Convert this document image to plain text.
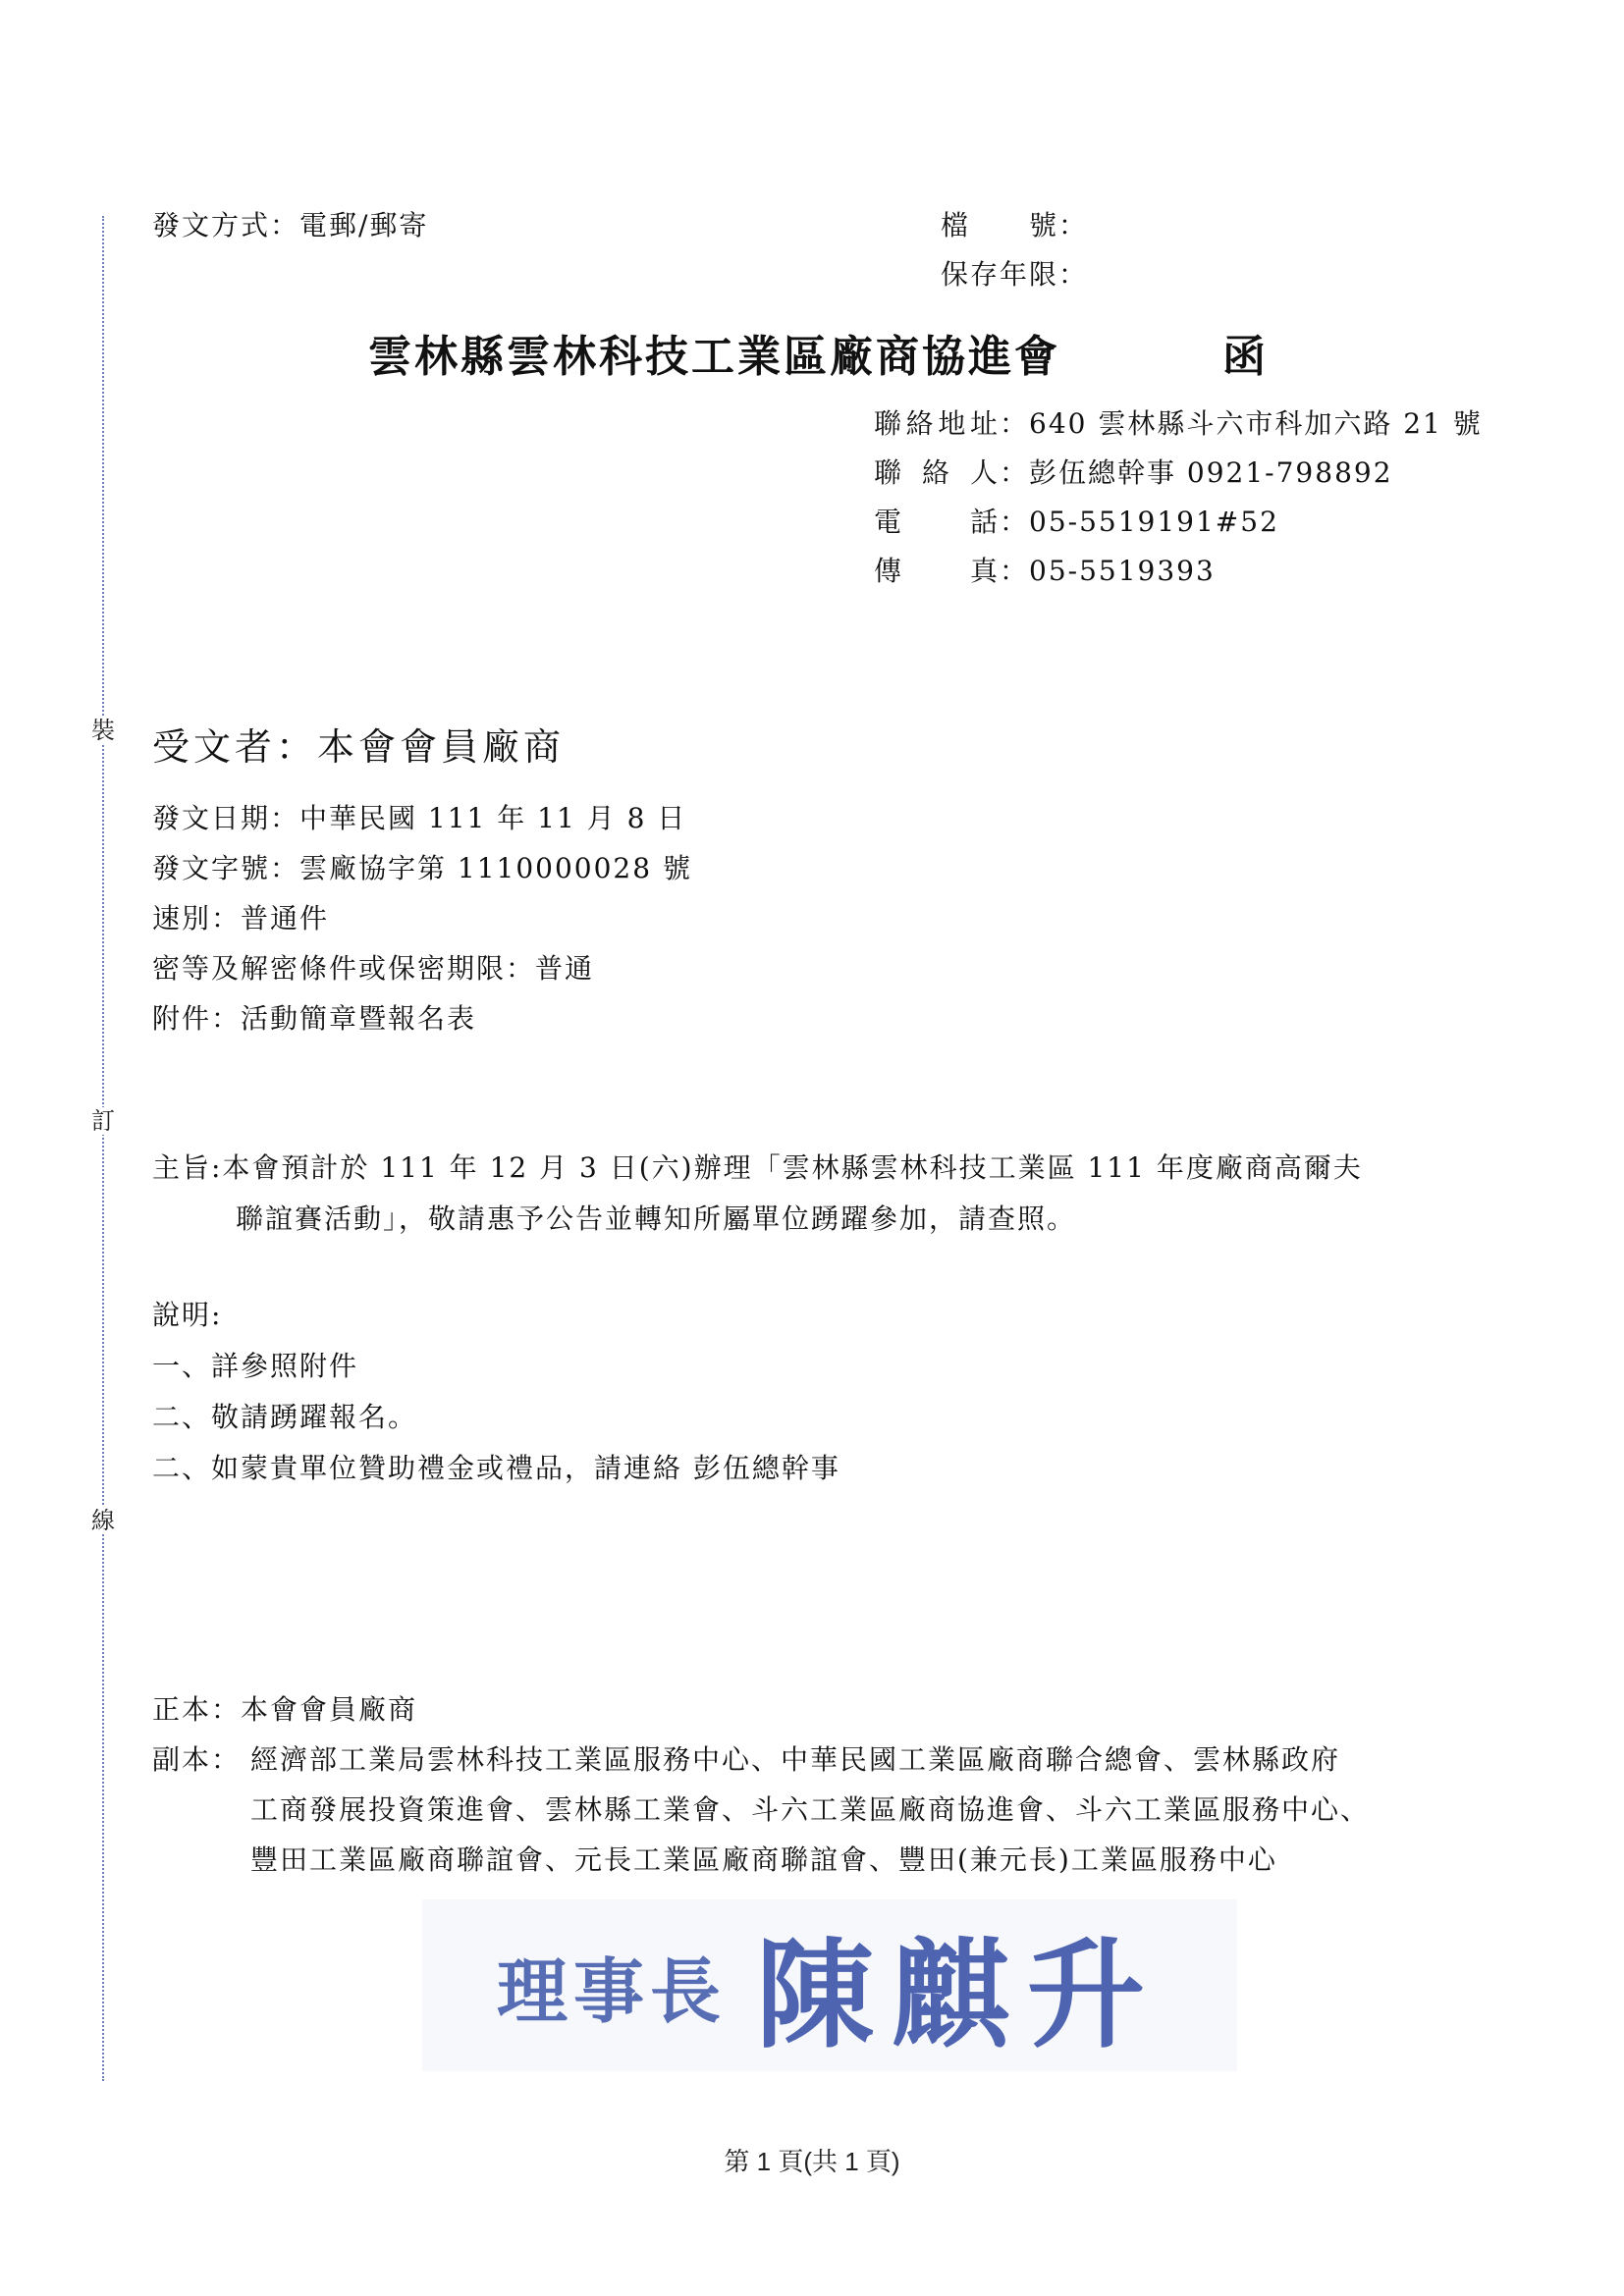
裝
訂
線
發文方式：電郵/郵寄	檔　　號：
保存年限：
雲林縣雲林科技工業區廠商協進會	函
聯絡地址：640 雲林縣斗六市科加六路 21 號
聯絡人：彭伍總幹事 0921-798892
電話：05-5519191#52
傳真：05-5519393
受文者：本會會員廠商
發文日期：中華民國 111 年 11 月 8 日
發文字號：雲廠協字第 1110000028 號
速別：普通件
密等及解密條件或保密期限：普通
附件：活動簡章暨報名表
主旨:本會預計於 111 年 12 月 3 日(六)辦理「雲林縣雲林科技工業區 111 年度廠商高爾夫
聯誼賽活動」，敬請惠予公告並轉知所屬單位踴躍參加，請查照。
說明:
一、詳參照附件
二、敬請踴躍報名。
二、如蒙貴單位贊助禮金或禮品，請連絡 彭伍總幹事
正本：本會會員廠商
副本： 經濟部工業局雲林科技工業區服務中心、中華民國工業區廠商聯合總會、雲林縣政府
工商發展投資策進會、雲林縣工業會、斗六工業區廠商協進會、斗六工業區服務中心、
豐田工業區廠商聯誼會、元長工業區廠商聯誼會、豐田(兼元長)工業區服務中心
理事長 陳麒升
第 1 頁(共 1 頁)
